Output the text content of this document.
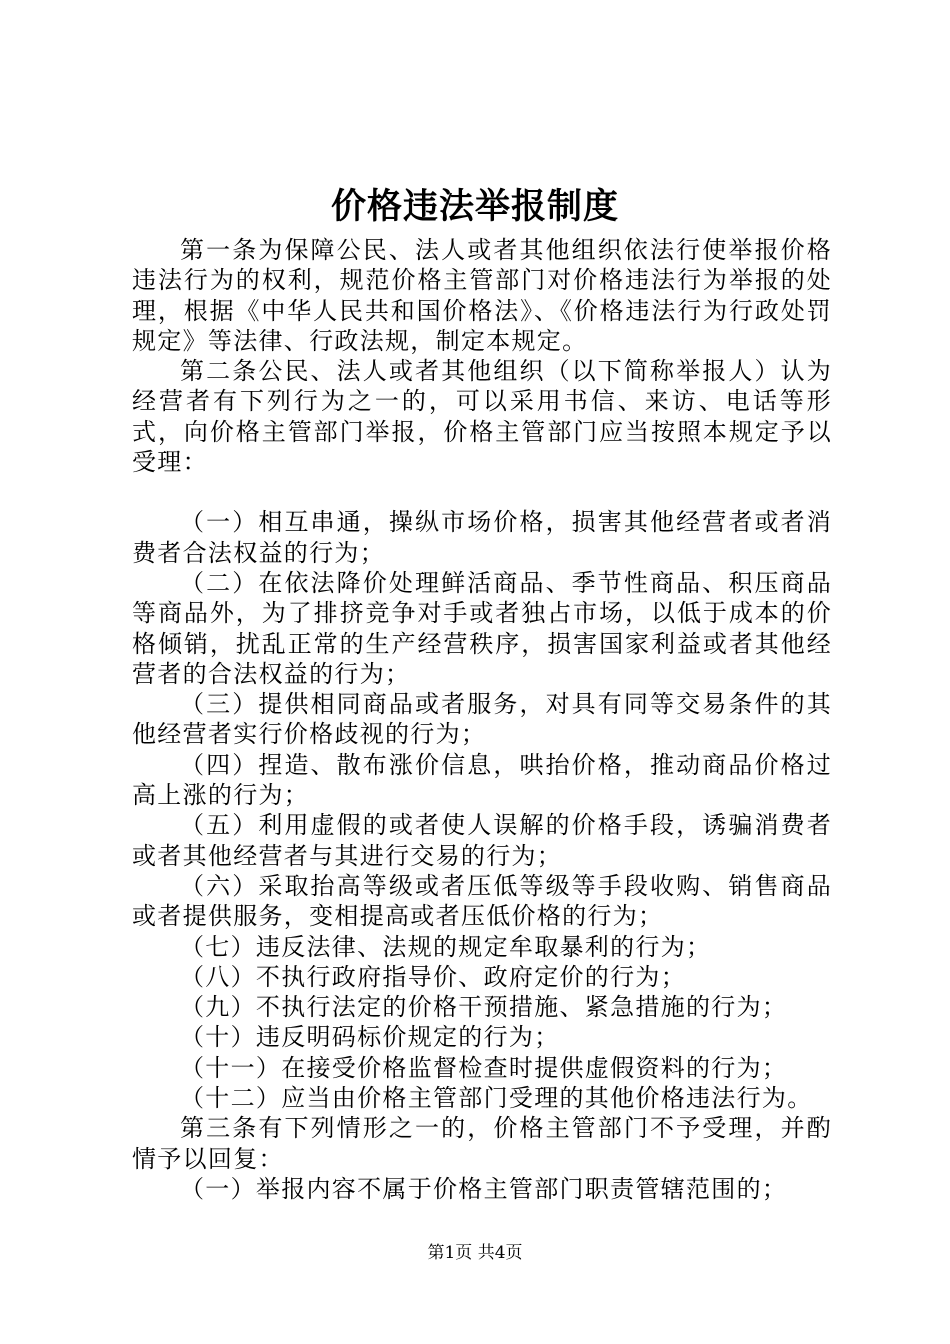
价格违法举报制度

第一条为保障公民、法人或者其他组织依法行使举报价格违法行为的权利，规范价格主管部门对价格违法行为举报的处理，根据《中华人民共和国价格法》、《价格违法行为行政处罚规定》等法律、行政法规，制定本规定。

第二条公民、法人或者其他组织（以下简称举报人）认为经营者有下列行为之一的，可以采用书信、来访、电话等形式，向价格主管部门举报，价格主管部门应当按照本规定予以受理：

（一）相互串通，操纵市场价格，损害其他经营者或者消费者合法权益的行为；

（二）在依法降价处理鲜活商品、季节性商品、积压商品等商品外，为了排挤竞争对手或者独占市场，以低于成本的价格倾销，扰乱正常的生产经营秩序，损害国家利益或者其他经营者的合法权益的行为；

（三）提供相同商品或者服务，对具有同等交易条件的其他经营者实行价格歧视的行为；

（四）捏造、散布涨价信息，哄抬价格，推动商品价格过高上涨的行为；

（五）利用虚假的或者使人误解的价格手段，诱骗消费者或者其他经营者与其进行交易的行为；

（六）采取抬高等级或者压低等级等手段收购、销售商品或者提供服务，变相提高或者压低价格的行为；

（七）违反法律、法规的规定牟取暴利的行为；

（八）不执行政府指导价、政府定价的行为；

（九）不执行法定的价格干预措施、紧急措施的行为；

（十）违反明码标价规定的行为；

（十一）在接受价格监督检查时提供虚假资料的行为；

（十二）应当由价格主管部门受理的其他价格违法行为。

第三条有下列情形之一的，价格主管部门不予受理，并酌情予以回复：

（一）举报内容不属于价格主管部门职责管辖范围的；

第1页 共4页
